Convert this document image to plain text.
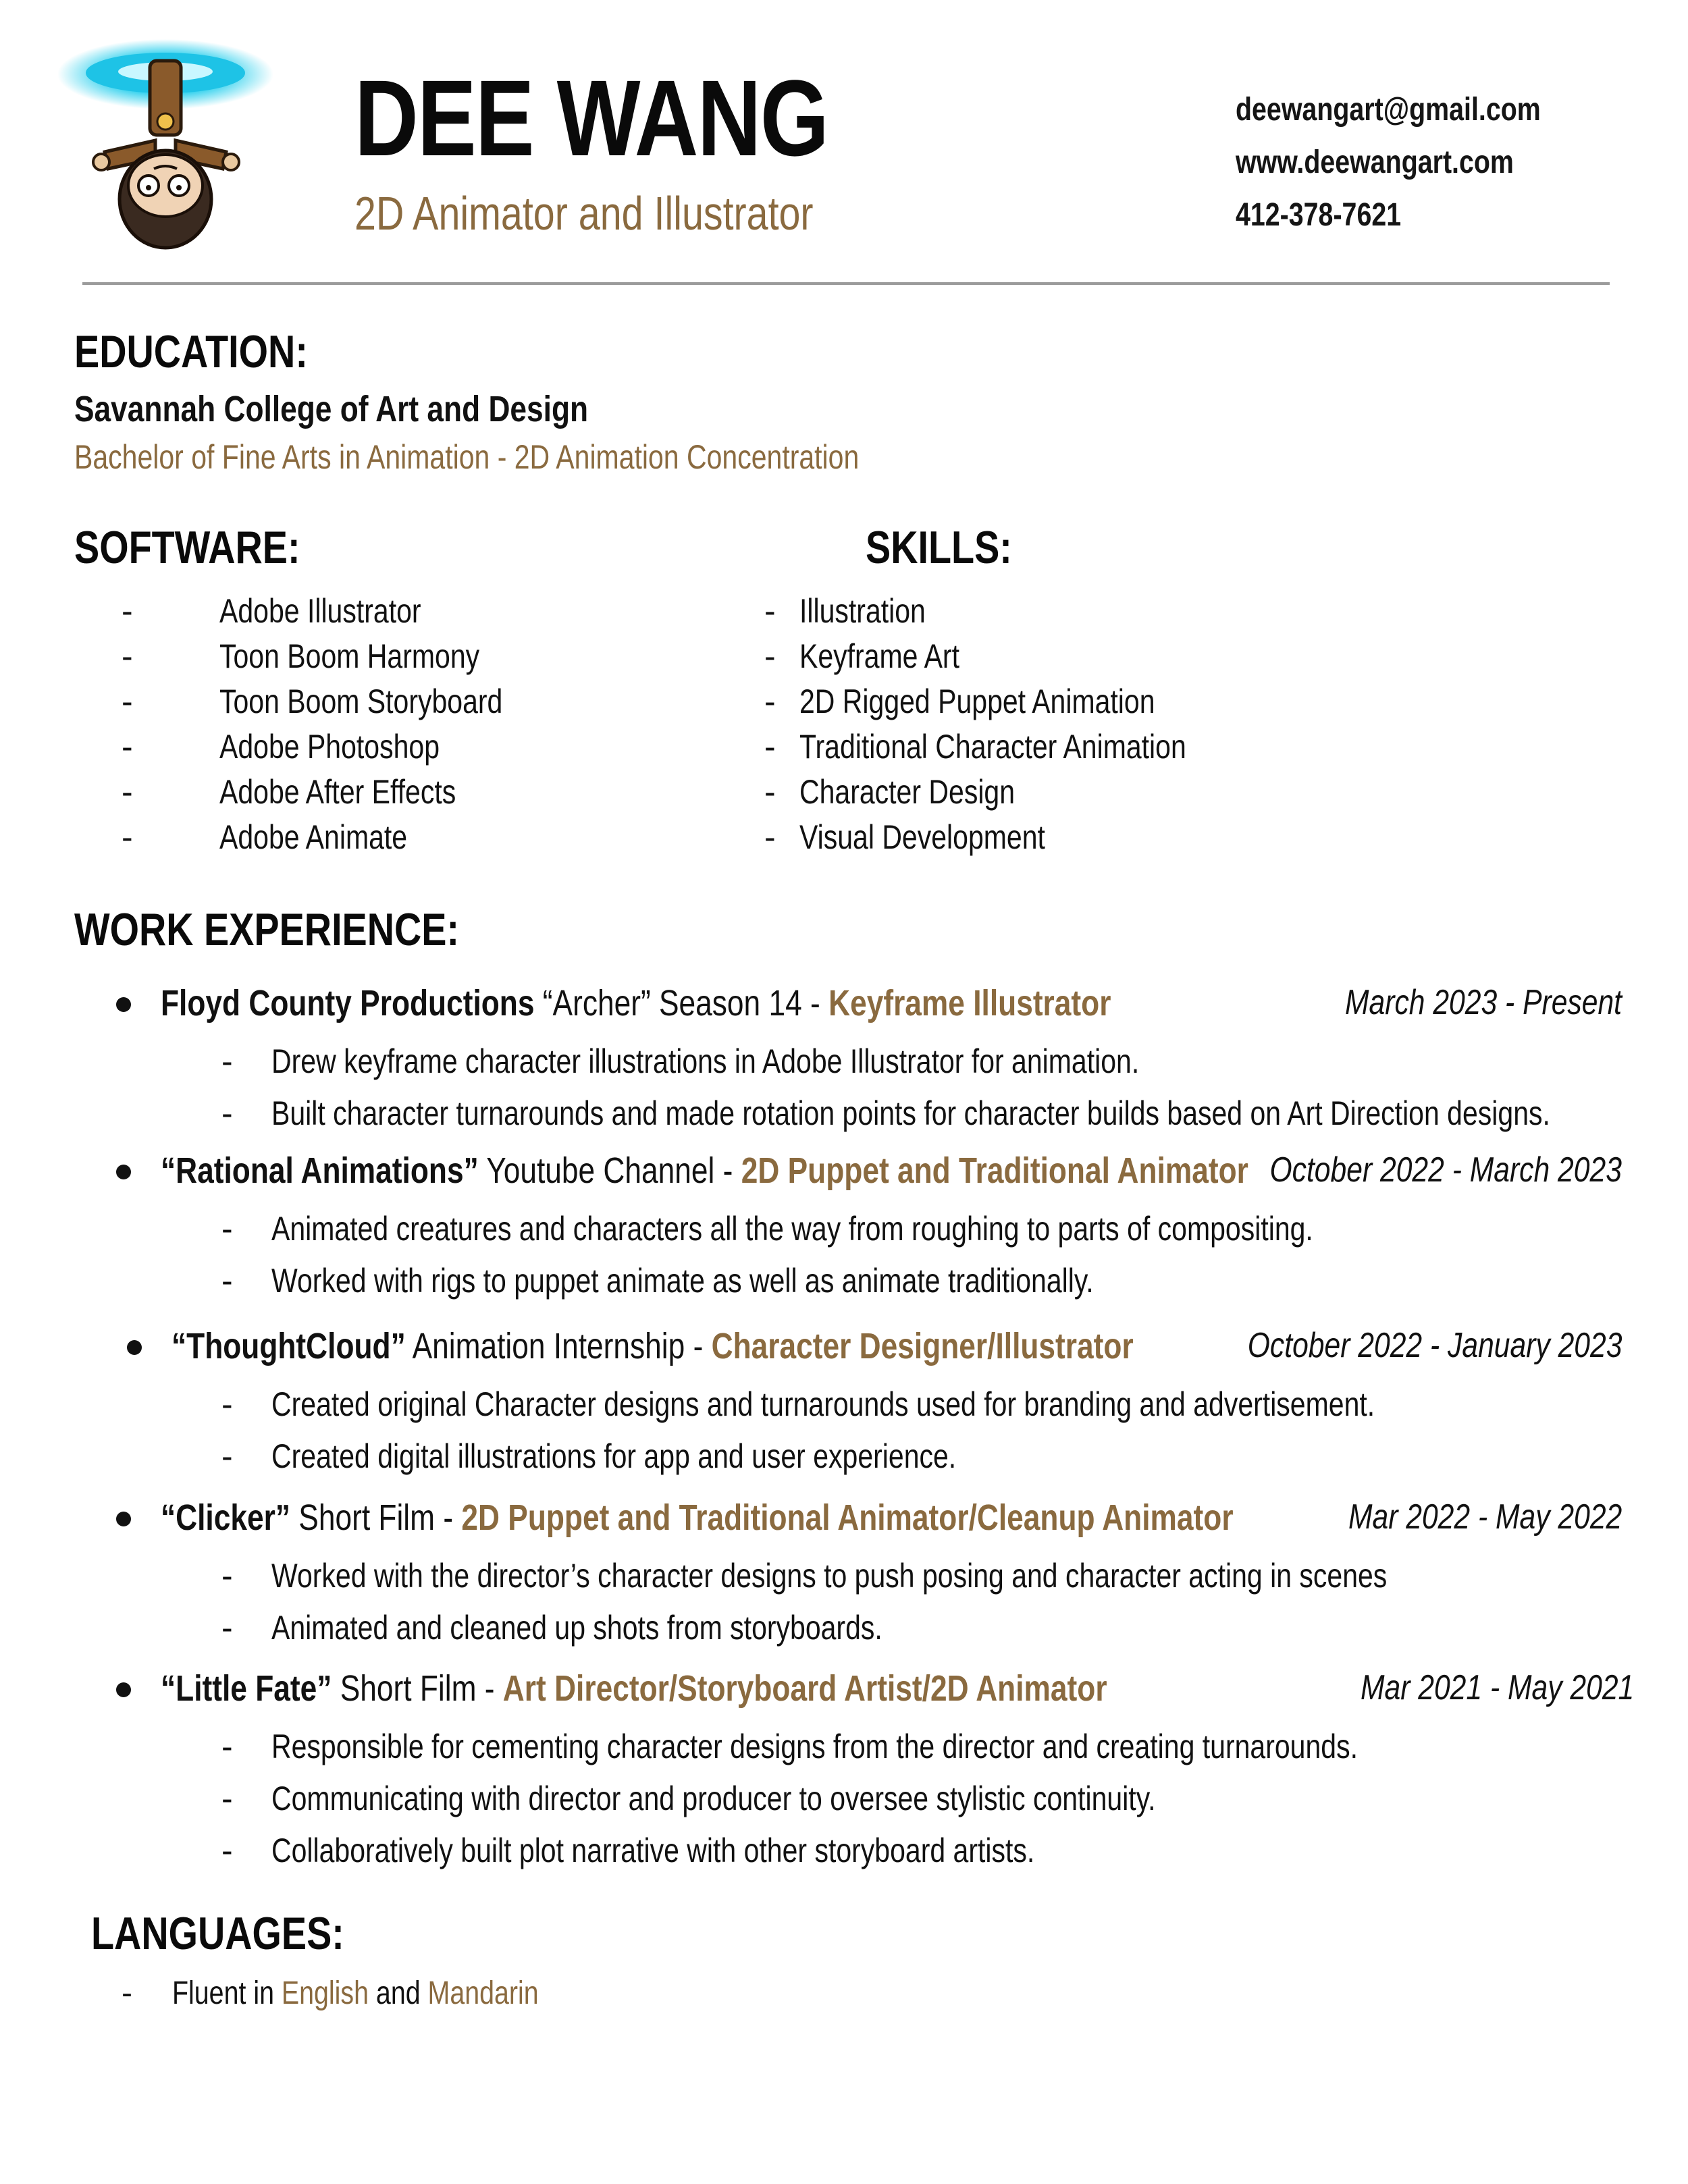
DEE WANG
2D Animator and Illustrator
deewangart@gmail.com
www.deewangart.com
412-378-7621
EDUCATION:
Savannah College of Art and Design
Bachelor of Fine Arts in Animation - 2D Animation Concentration
SOFTWARE:
-	Adobe Illustrator
-	Toon Boom Harmony
-	Toon Boom Storyboard
-	Adobe Photoshop
-	Adobe After Effects
-	Adobe Animate
SKILLS:
- Illustration
- Keyframe Art
- 2D Rigged Puppet Animation
- Traditional Character Animation
- Character Design
- Visual Development
WORK EXPERIENCE:
Floyd County Productions “Archer” Season 14 - Keyframe Illustrator	March 2023 - Present
- Drew keyframe character illustrations in Adobe Illustrator for animation.
- Built character turnarounds and made rotation points for character builds based on Art Direction designs.
“Rational Animations” Youtube Channel - 2D Puppet and Traditional Animator October 2022 - March 2023
- Animated creatures and characters all the way from roughing to parts of compositing.
- Worked with rigs to puppet animate as well as animate traditionally.
“ThoughtCloud” Animation Internship - Character Designer/Illustrator	October 2022 - January 2023
- Created original Character designs and turnarounds used for branding and advertisement.
- Created digital illustrations for app and user experience.
“Clicker” Short Film - 2D Puppet and Traditional Animator/Cleanup Animator	Mar 2022 - May 2022
- Worked with the director’s character designs to push posing and character acting in scenes
- Animated and cleaned up shots from storyboards.
“Little Fate” Short Film - Art Director/Storyboard Artist/2D Animator	Mar 2021 - May 2021
- Responsible for cementing character designs from the director and creating turnarounds.
- Communicating with director and producer to oversee stylistic continuity.
- Collaboratively built plot narrative with other storyboard artists.
LANGUAGES:
- Fluent in English and Mandarin
